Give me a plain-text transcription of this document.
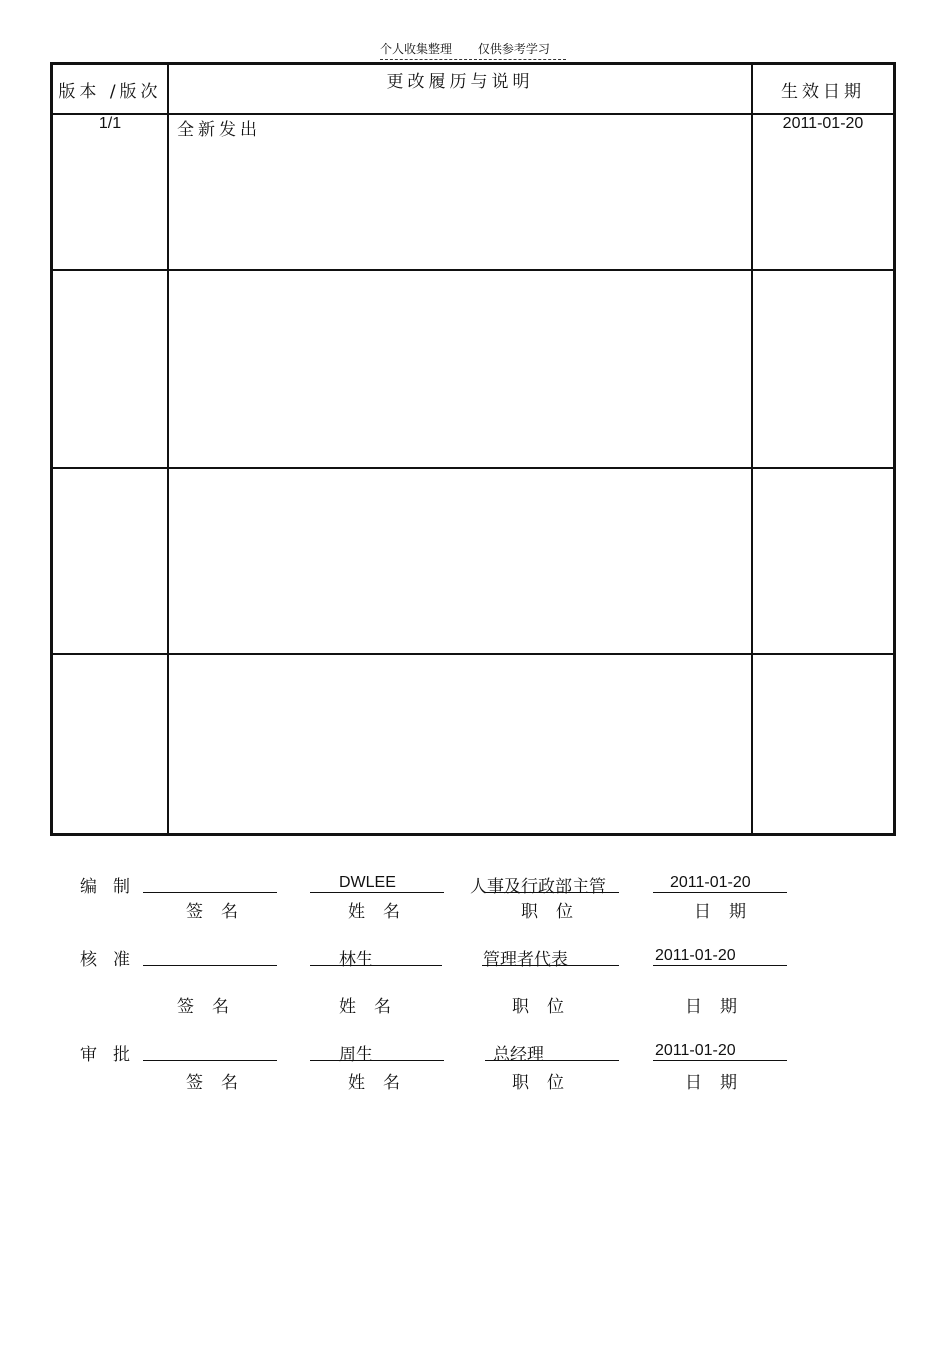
个人收集整理 仅供参考学习
版本 /版次	更改履历与说明	生效日期
1/1	全新发出	2011-01-20

编制	DWLEE	人事及行政部主管	2011-01-20
签名	姓名	职位	日期
核准	林生	管理者代表	2011-01-20
签名	姓名	职位	日期
审批	周生	总经理	2011-01-20
签名	姓名	职位	日期
